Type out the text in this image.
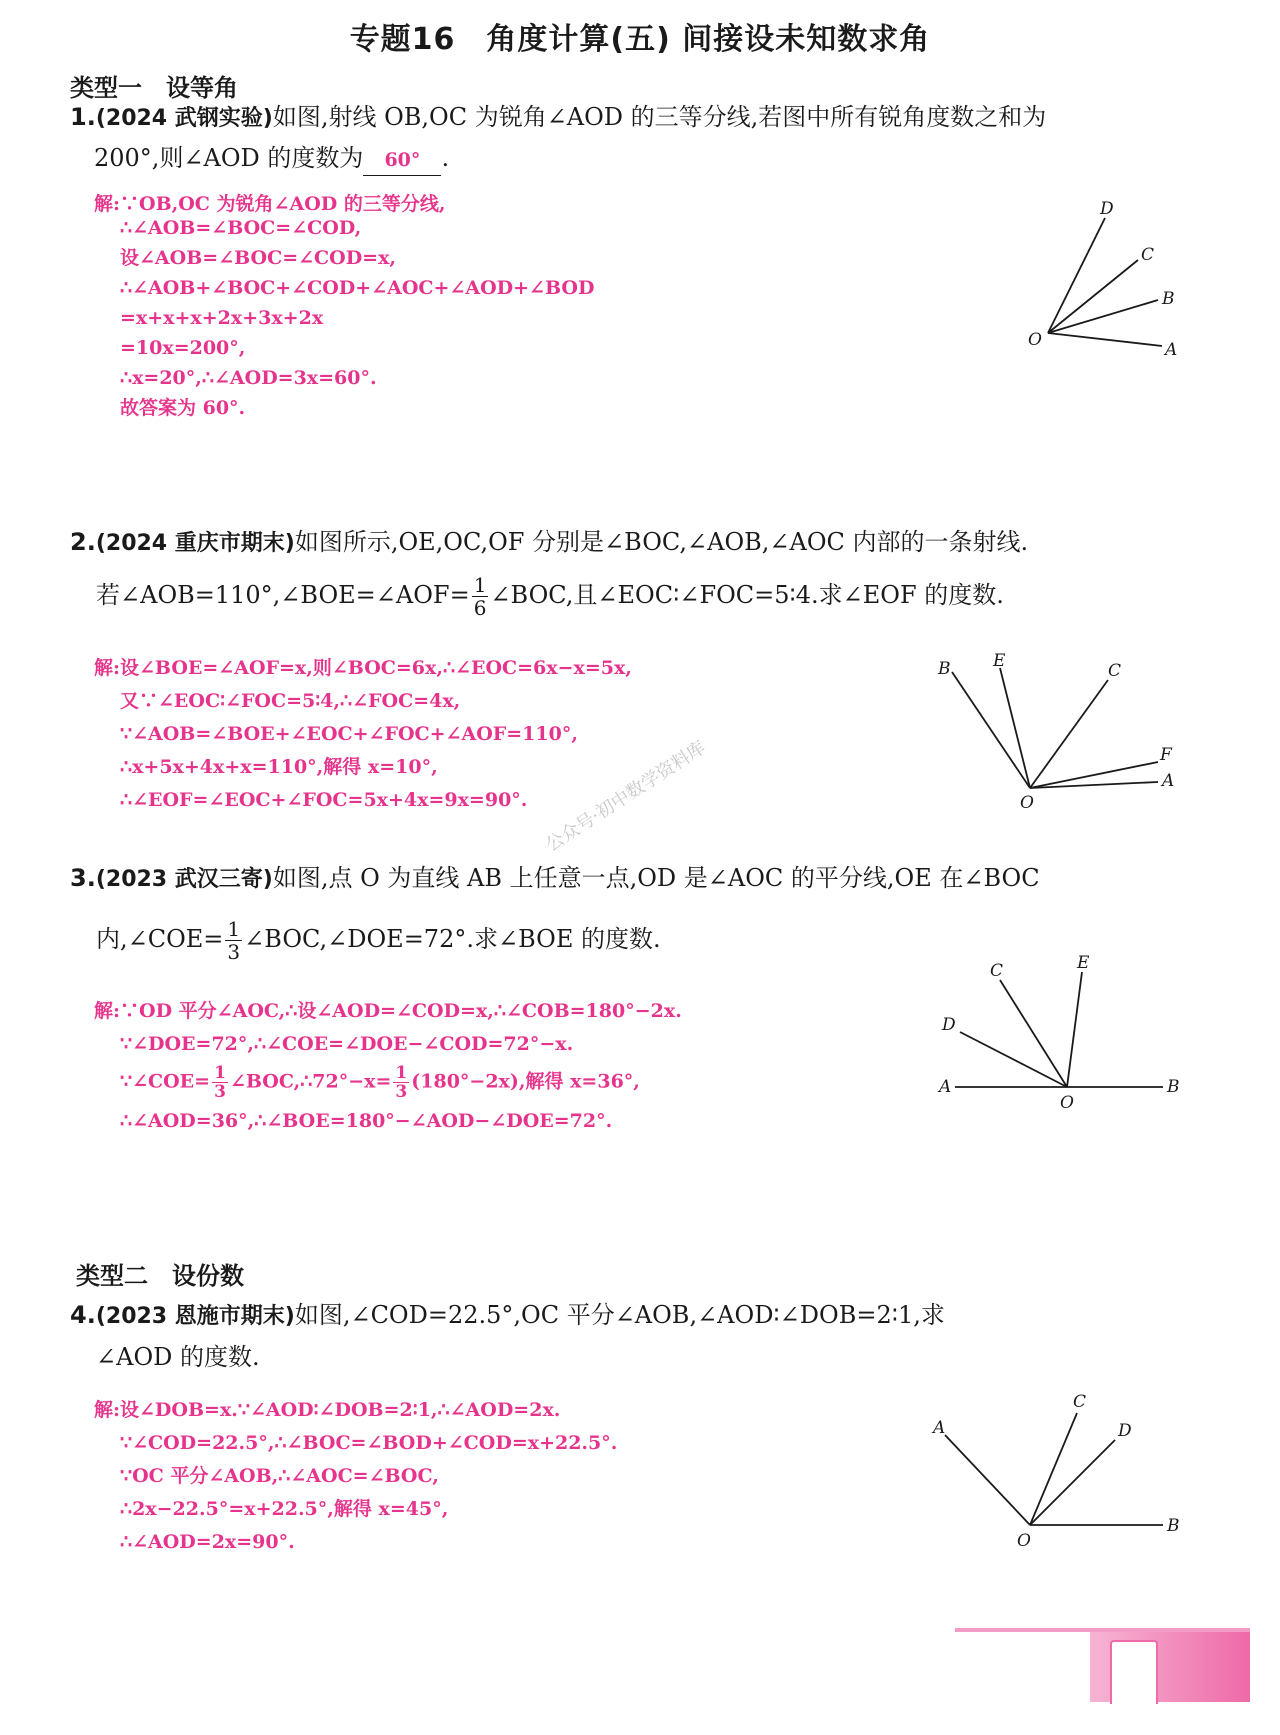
专题16　角度计算(五) 间接设未知数求角
类型一　设等角
1.(2024 武钢实验)如图,射线 OB,OC 为锐角∠AOD 的三等分线,若图中所有锐角度数之和为
200°,则∠AOD 的度数为 60° .
解:∵OB,OC 为锐角∠AOD 的三等分线,
∴∠AOB=∠BOC=∠COD,
设∠AOB=∠BOC=∠COD=x,
∴∠AOB+∠BOC+∠COD+∠AOC+∠AOD+∠BOD
=x+x+x+2x+3x+2x
=10x=200°,
∴x=20°,∴∠AOD=3x=60°.
故答案为 60°.
O	A
B
C
D
2.(2024 重庆市期末)如图所示,OE,OC,OF 分别是∠BOC,∠AOB,∠AOC 内部的一条射线.
若∠AOB=110°,∠BOE=∠AOF= $\frac{1}{6}$ ∠BOC,且∠EOC∶∠FOC=5∶4.求∠EOF 的度数.
解:设∠BOE=∠AOF=x,则∠BOC=6x,∴∠EOC=6x−x=5x,
又∵∠EOC∶∠FOC=5∶4,∴∠FOC=4x,
∵∠AOB=∠BOE+∠EOC+∠FOC+∠AOF=110°,
∴x+5x+4x+x=110°,解得 x=10°,
∴∠EOF=∠EOC+∠FOC=5x+4x=9x=90°.	O
A
B	C
E
F
公众号·初中数学资料库
3.(2023 武汉三寄)如图,点 O 为直线 AB 上任意一点,OD 是∠AOC 的平分线,OE 在∠BOC
内,∠COE= $\frac{1}{3}$ ∠BOC,∠DOE=72°.求∠BOE 的度数.
解:∵OD 平分∠AOC,∴设∠AOD=∠COD=x,∴∠COB=180°−2x.
∵∠DOE=72°,∴∠COE=∠DOE−∠COD=72°−x.
∵∠COE= $\frac{1}{3}$ ∠BOC,∴72°−x= $\frac{1}{3} (180^\circ-2x)$,解得 x=36°,
∴∠AOD=36°,∴∠BOE=180°−∠AOD−∠DOE=72°.
O
A	B
C
D
E
类型二　设份数
4.(2023 恩施市期末)如图,∠COD=22.5°,OC 平分∠AOB,∠AOD∶∠DOB=2∶1,求
∠AOD 的度数.
解:设∠DOB=x.∵∠AOD∶∠DOB=2∶1,∴∠AOD=2x.
∵∠COD=22.5°,∴∠BOC=∠BOD+∠COD=x+22.5°.
∵OC 平分∠AOB,∴∠AOC=∠BOC,
∴2x−22.5°=x+22.5°,解得 x=45°,
∴∠AOD=2x=90°.	O
A
B
C
D
